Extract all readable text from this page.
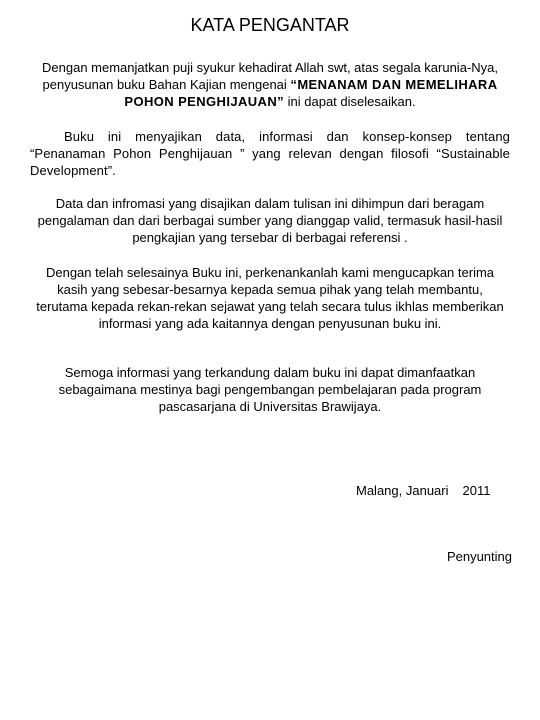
KATA PENGANTAR

Dengan memanjatkan puji syukur kehadirat Allah swt, atas segala karunia-Nya, penyusunan buku Bahan Kajian mengenai “MENANAM DAN MEMELIHARA POHON PENGHIJAUAN” ini dapat diselesaikan.

Buku ini menyajikan data, informasi dan konsep-konsep tentang “Penanaman Pohon Penghijauan ” yang relevan dengan filosofi “Sustainable Development”.

Data dan infromasi yang disajikan dalam tulisan ini dihimpun dari beragam pengalaman dan dari berbagai sumber yang dianggap valid, termasuk hasil-hasil pengkajian yang tersebar di berbagai referensi .

Dengan telah selesainya Buku ini, perkenankanlah kami mengucapkan terima kasih yang sebesar-besarnya kepada semua pihak yang telah membantu, terutama kepada rekan-rekan sejawat yang telah secara tulus ikhlas memberikan informasi yang ada kaitannya dengan penyusunan buku ini.

Semoga informasi yang terkandung dalam buku ini dapat dimanfaatkan sebagaimana mestinya bagi pengembangan pembelajaran pada program pascasarjana di Universitas Brawijaya.

Malang, Januari 2011
Penyunting
